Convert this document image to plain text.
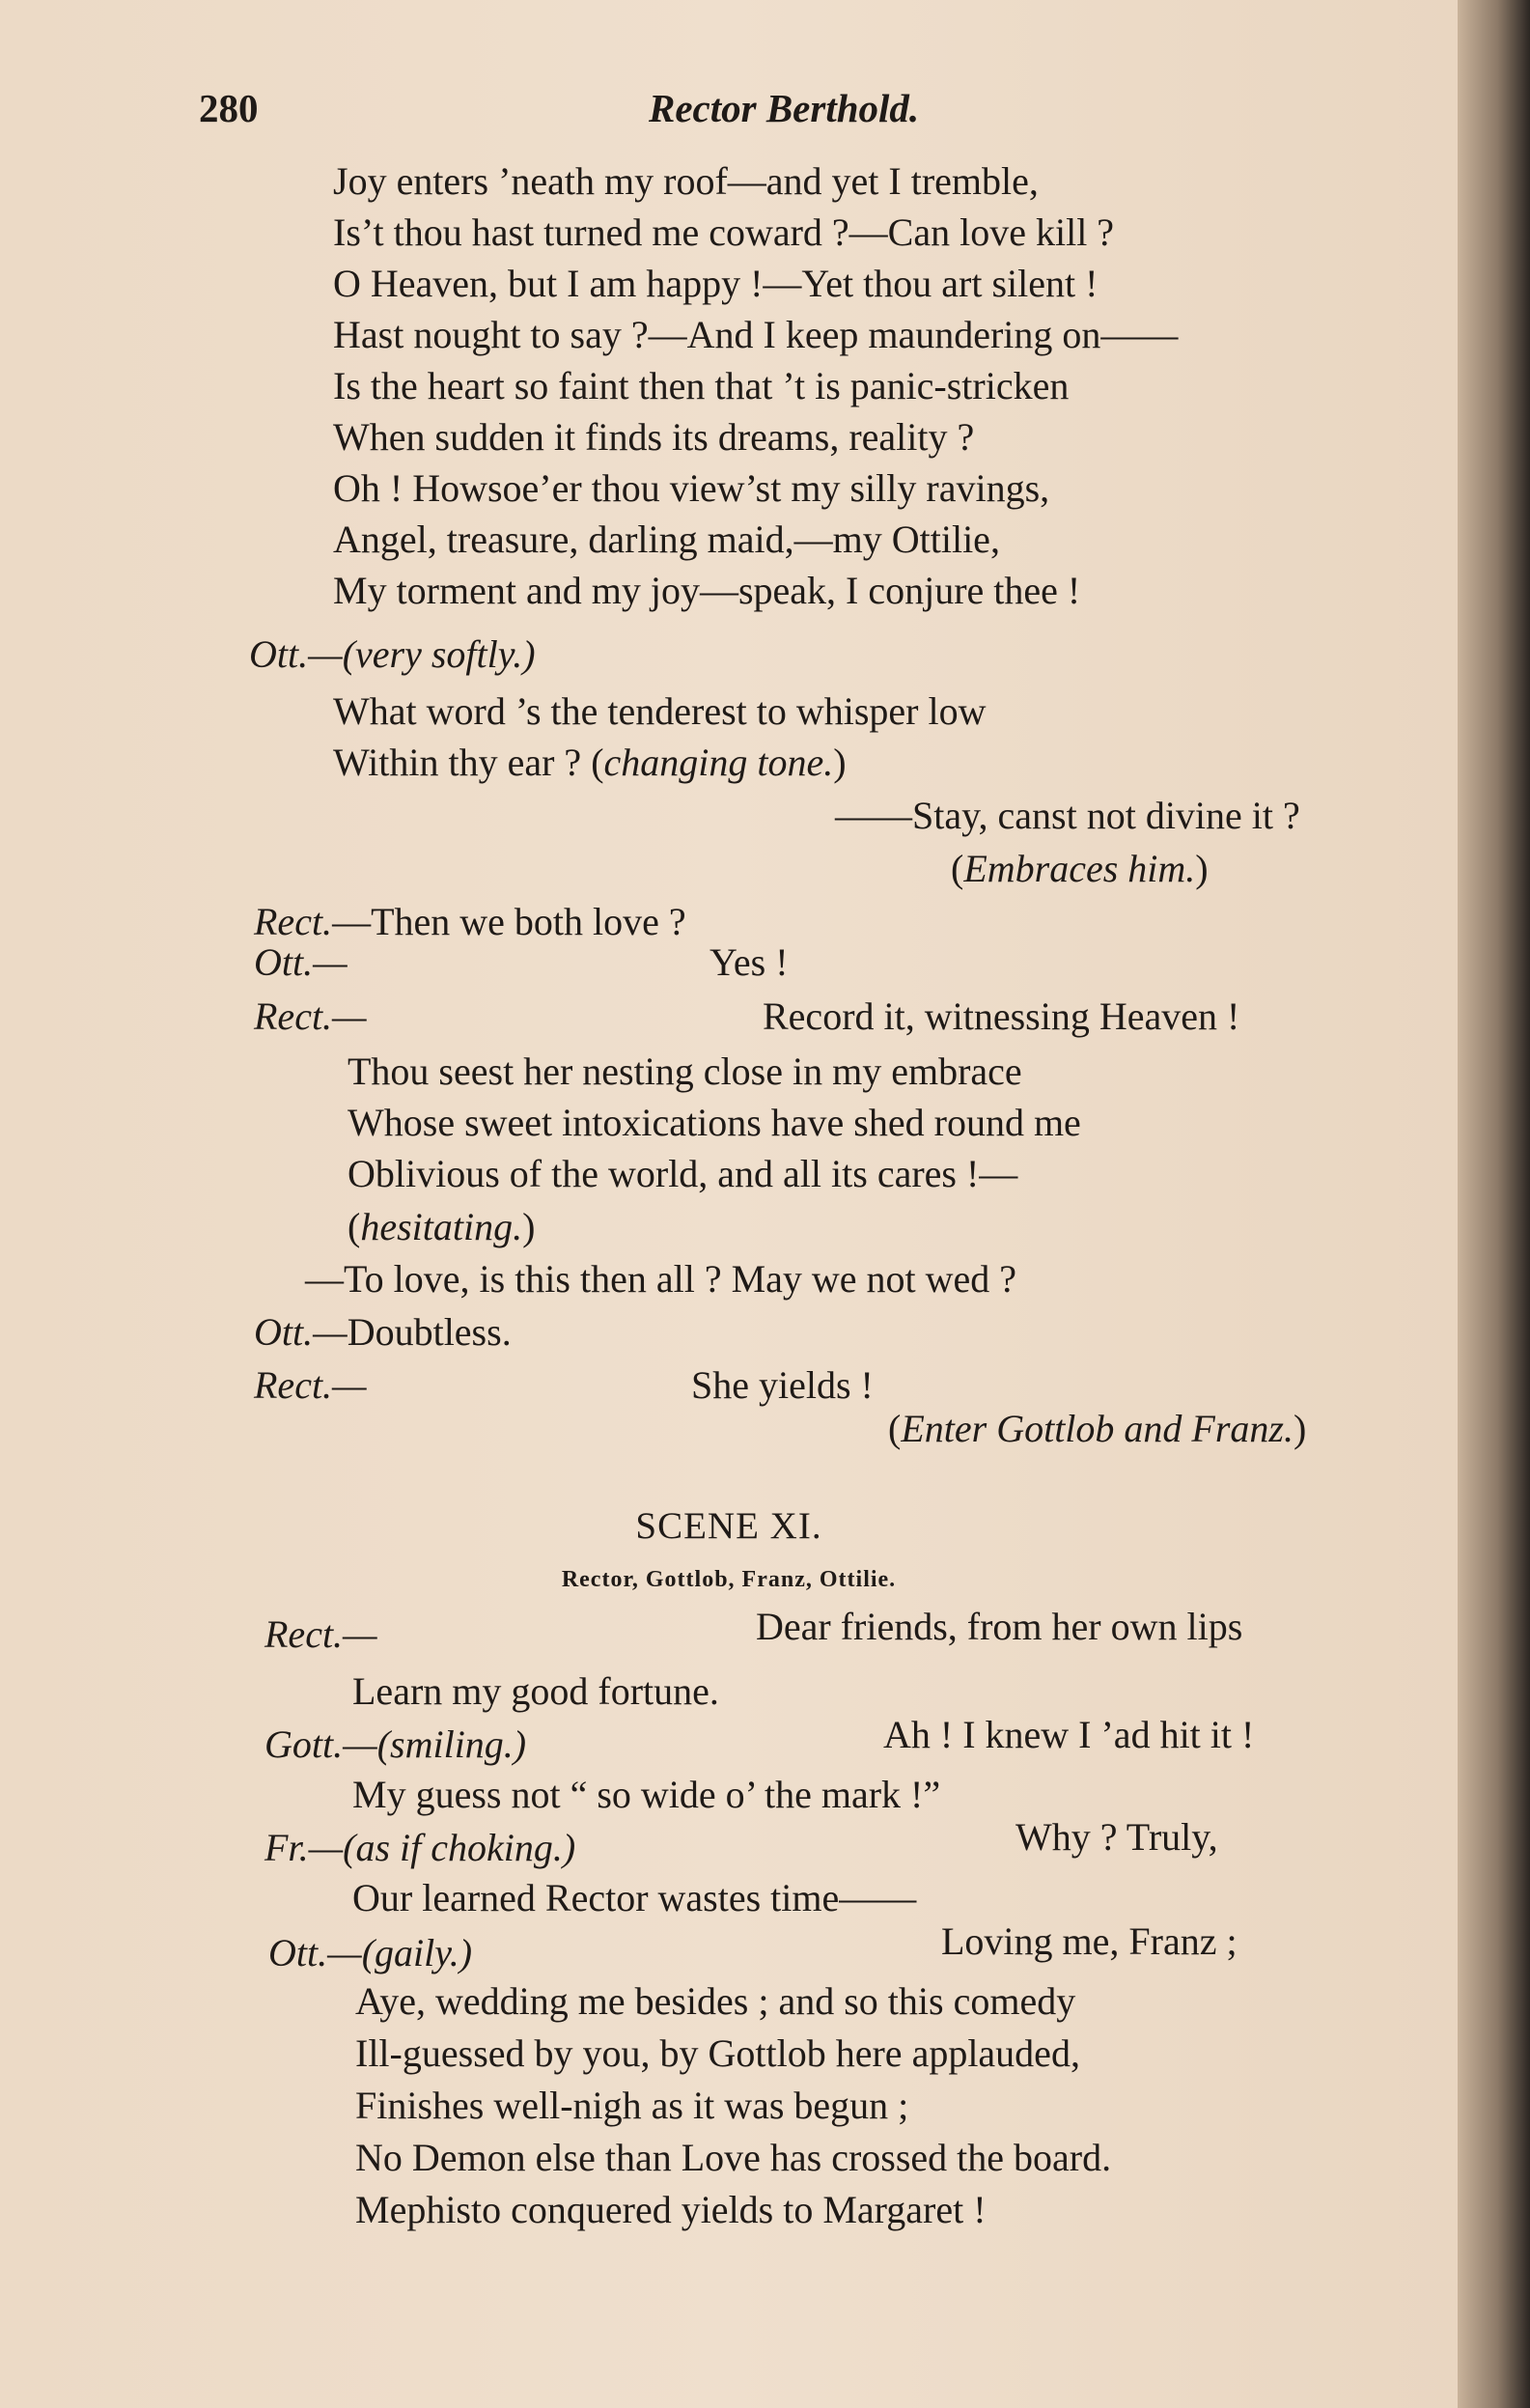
280	Rector Berthold.
Joy enters ’neath my roof—and yet I tremble,
Is’t thou hast turned me coward ?—Can love kill ?
O Heaven, but I am happy !—Yet thou art silent !
Hast nought to say ?—And I keep maundering on——
Is the heart so faint then that ’t is panic-stricken
When sudden it finds its dreams, reality ?
Oh ! Howsoe’er thou view’st my silly ravings,
Angel, treasure, darling maid,—my Ottilie,
My torment and my joy—speak, I conjure thee !
Ott.—(very softly.)
What word ’s the tenderest to whisper low
Within thy ear ? (changing tone.)
——Stay, canst not divine it ?
(Embraces him.)
Rect.—Then we both love ?
Ott.—	Yes !
Rect.—	Record it, witnessing Heaven !
Thou seest her nesting close in my embrace
Whose sweet intoxications have shed round me
Oblivious of the world, and all its cares !—
(hesitating.)
—To love, is this then all ? May we not wed ?
Ott.—Doubtless.
Rect.—	She yields !
(Enter Gottlob and Franz.)
SCENE XI.
Rector, Gottlob, Franz, Ottilie.
Rect.—	Dear friends, from her own lips
Learn my good fortune.
Gott.—(smiling.)	Ah ! I knew I ’ad hit it !
My guess not “ so wide o’ the mark !”
Fr.—(as if choking.)	Why ? Truly,
Our learned Rector wastes time——
Ott.—(gaily.)	Loving me, Franz ;
Aye, wedding me besides ; and so this comedy
Ill-guessed by you, by Gottlob here applauded,
Finishes well-nigh as it was begun ;
No Demon else than Love has crossed the board.
Mephisto conquered yields to Margaret !
